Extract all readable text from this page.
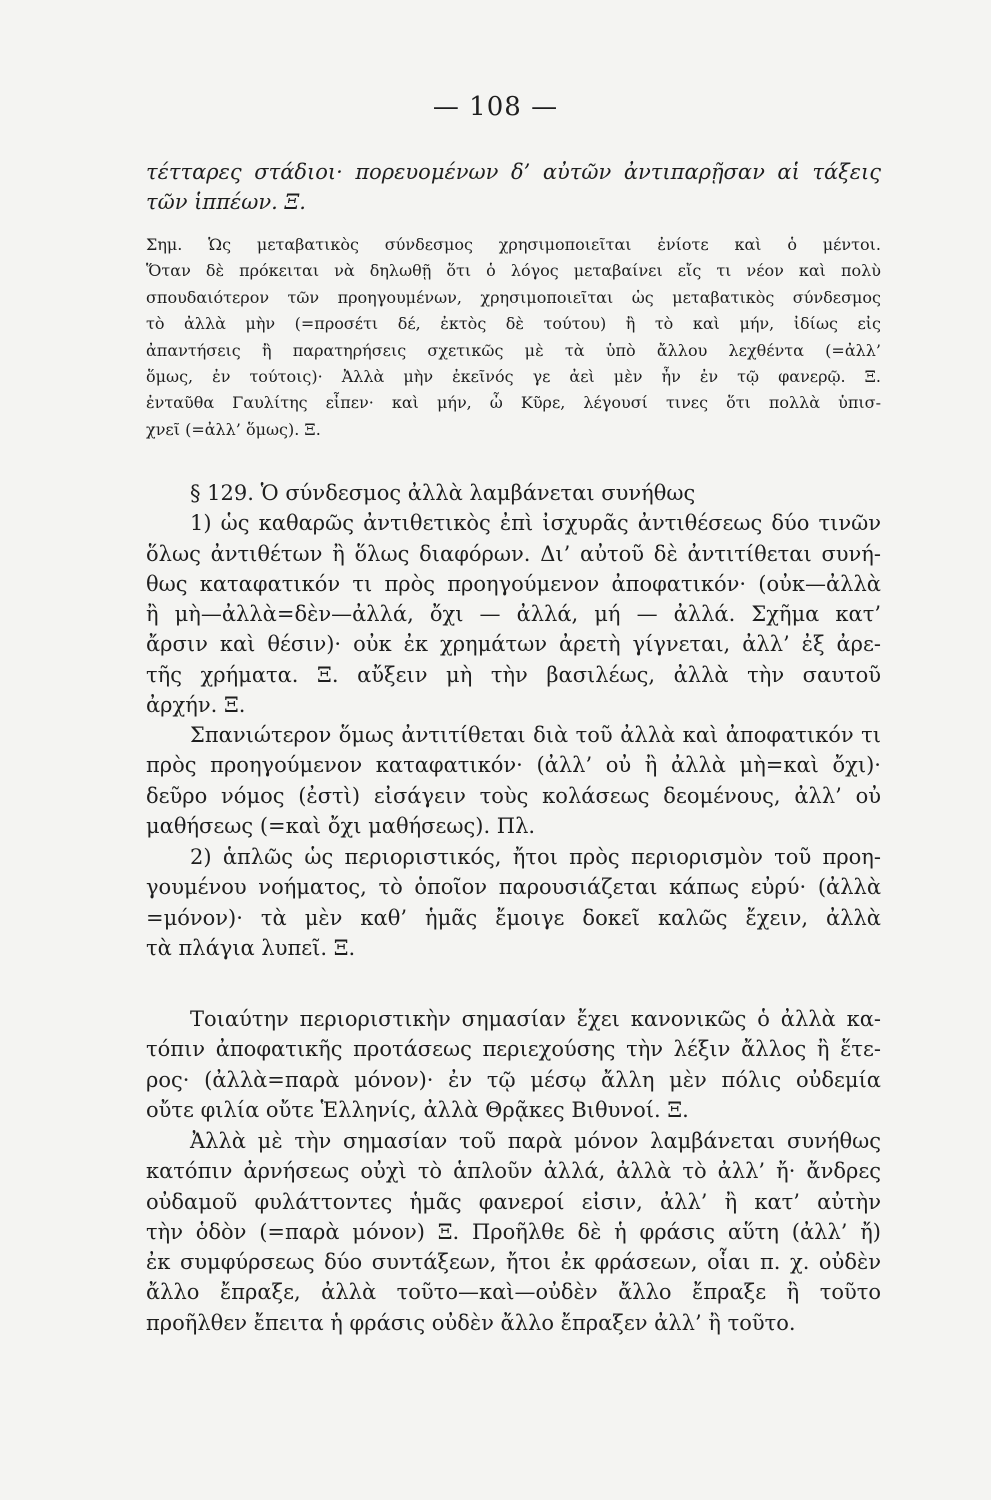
— 108 —
τέτταρες στάδιοι· πορευομένων δ’ αὐτῶν ἀντιπαρῇσαν αἱ τάξεις
τῶν ἱππέων. Ξ.
Σημ. Ὡς μεταβατικὸς σύνδεσμος χρησιμοποιεῖται ἐνίοτε καὶ ὁ μέντοι.
Ὅταν δὲ πρόκειται νὰ δηλωθῇ ὅτι ὁ λόγος μεταβαίνει εἴς τι νέον καὶ πολὺ
σπουδαιότερον τῶν προηγουμένων, χρησιμοποιεῖται ὡς μεταβατικὸς σύνδεσμος
τὸ ἀλλὰ μὴν (=προσέτι δέ, ἐκτὸς δὲ τούτου) ἢ τὸ καὶ μήν, ἰδίως εἰς
ἀπαντήσεις ἢ παρατηρήσεις σχετικῶς μὲ τὰ ὑπὸ ἄλλου λεχθέντα (=ἀλλ’
ὅμως, ἐν τούτοις)· Ἀλλὰ μὴν ἐκεῖνός γε ἀεὶ μὲν ἦν ἐν τῷ φανερῷ. Ξ.
ἐνταῦθα Γαυλίτης εἶπεν· καὶ μήν, ὦ Κῦρε, λέγουσί τινες ὅτι πολλὰ ὑπισ-
χνεῖ (=ἀλλ’ ὅμως). Ξ.
§ 129. Ὁ σύνδεσμος ἀλλὰ λαμβάνεται συνήθως
1) ὡς καθαρῶς ἀντιθετικὸς ἐπὶ ἰσχυρᾶς ἀντιθέσεως δύο τινῶν
ὅλως ἀντιθέτων ἢ ὅλως διαφόρων. Δι’ αὐτοῦ δὲ ἀντιτίθεται συνή-
θως καταφατικόν τι πρὸς προηγούμενον ἀποφατικόν· (οὐκ—ἀλλὰ
ἢ μὴ—ἀλλὰ=δὲν—ἀλλά, ὄχι — ἀλλά, μή — ἀλλά. Σχῆμα κατ’
ἄρσιν καὶ θέσιν)· οὐκ ἐκ χρημάτων ἀρετὴ γίγνεται, ἀλλ’ ἐξ ἀρε-
τῆς χρήματα. Ξ. αὔξειν μὴ τὴν βασιλέως, ἀλλὰ τὴν σαυτοῦ
ἀρχήν. Ξ.
Σπανιώτερον ὅμως ἀντιτίθεται διὰ τοῦ ἀλλὰ καὶ ἀποφατικόν τι
πρὸς προηγούμενον καταφατικόν· (ἀλλ’ οὐ ἢ ἀλλὰ μὴ=καὶ ὄχι)·
δεῦρο νόμος (ἐστὶ) εἰσάγειν τοὺς κολάσεως δεομένους, ἀλλ’ οὐ
μαθήσεως (=καὶ ὄχι μαθήσεως). Πλ.
2) ἁπλῶς ὡς περιοριστικός, ἤτοι πρὸς περιορισμὸν τοῦ προη-
γουμένου νοήματος, τὸ ὁποῖον παρουσιάζεται κάπως εὐρύ· (ἀλλὰ
=μόνον)· τὰ μὲν καθ’ ἡμᾶς ἔμοιγε δοκεῖ καλῶς ἔχειν, ἀλλὰ
τὰ πλάγια λυπεῖ. Ξ.
Τοιαύτην περιοριστικὴν σημασίαν ἔχει κανονικῶς ὁ ἀλλὰ κα-
τόπιν ἀποφατικῆς προτάσεως περιεχούσης τὴν λέξιν ἄλλος ἢ ἕτε-
ρος· (ἀλλὰ=παρὰ μόνον)· ἐν τῷ μέσῳ ἄλλη μὲν πόλις οὐδεμία
οὔτε φιλία οὔτε Ἑλληνίς, ἀλλὰ Θρᾷκες Βιθυνοί. Ξ.
Ἀλλὰ μὲ τὴν σημασίαν τοῦ παρὰ μόνον λαμβάνεται συνήθως
κατόπιν ἀρνήσεως οὐχὶ τὸ ἁπλοῦν ἀλλά, ἀλλὰ τὸ ἀλλ’ ἤ· ἄνδρες
οὐδαμοῦ φυλάττοντες ἡμᾶς φανεροί εἰσιν, ἀλλ’ ἢ κατ’ αὐτὴν
τὴν ὁδὸν (=παρὰ μόνον) Ξ. Προῆλθε δὲ ἡ φράσις αὕτη (ἀλλ’ ἤ)
ἐκ συμφύρσεως δύο συντάξεων, ἤτοι ἐκ φράσεων, οἷαι π. χ. οὐδὲν
ἄλλο ἔπραξε, ἀλλὰ τοῦτο—καὶ—οὐδὲν ἄλλο ἔπραξε ἢ τοῦτο
προῆλθεν ἔπειτα ἡ φράσις οὐδὲν ἄλλο ἔπραξεν ἀλλ’ ἢ τοῦτο.
